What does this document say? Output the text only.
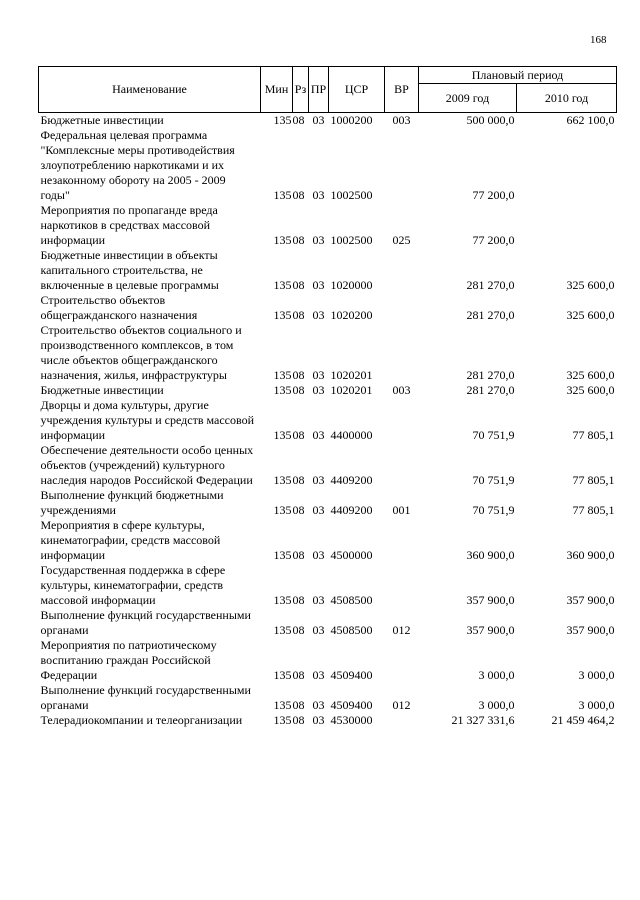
168
Наименование	Мин	Рз	ПР	ЦСР	ВР	Плановый период	
						2009 год	2010 год
Бюджетные инвестиции	135	08	03	1000200	003	500 000,0	662 100,0
Федеральная целевая программа "Комплексные меры противодействия злоупотреблению наркотиками и их незаконному обороту на 2005 - 2009 годы"	135	08	03	1002500		77 200,0	
Мероприятия по пропаганде вреда наркотиков в средствах массовой информации	135	08	03	1002500	025	77 200,0	
Бюджетные инвестиции в объекты капитального строительства, не включенные в целевые программы	135	08	03	1020000		281 270,0	325 600,0
Строительство объектов общегражданского назначения	135	08	03	1020200		281 270,0	325 600,0
Строительство объектов социального и производственного комплексов, в том числе объектов общегражданского назначения, жилья, инфраструктуры	135	08	03	1020201		281 270,0	325 600,0
Бюджетные инвестиции	135	08	03	1020201	003	281 270,0	325 600,0
Дворцы и дома культуры, другие учреждения культуры и средств массовой информации	135	08	03	4400000		70 751,9	77 805,1
Обеспечение деятельности особо ценных объектов (учреждений) культурного наследия народов Российской Федерации	135	08	03	4409200		70 751,9	77 805,1
Выполнение функций бюджетными учреждениями	135	08	03	4409200	001	70 751,9	77 805,1
Мероприятия в сфере культуры, кинематографии, средств массовой информации	135	08	03	4500000		360 900,0	360 900,0
Государственная поддержка в сфере культуры, кинематографии, средств массовой информации	135	08	03	4508500		357 900,0	357 900,0
Выполнение функций государственными органами	135	08	03	4508500	012	357 900,0	357 900,0
Мероприятия по патриотическому воспитанию граждан Российской Федерации	135	08	03	4509400		3 000,0	3 000,0
Выполнение функций государственными органами	135	08	03	4509400	012	3 000,0	3 000,0
Телерадиокомпании и телеорганизации	135	08	03	4530000		21 327 331,6	21 459 464,2
